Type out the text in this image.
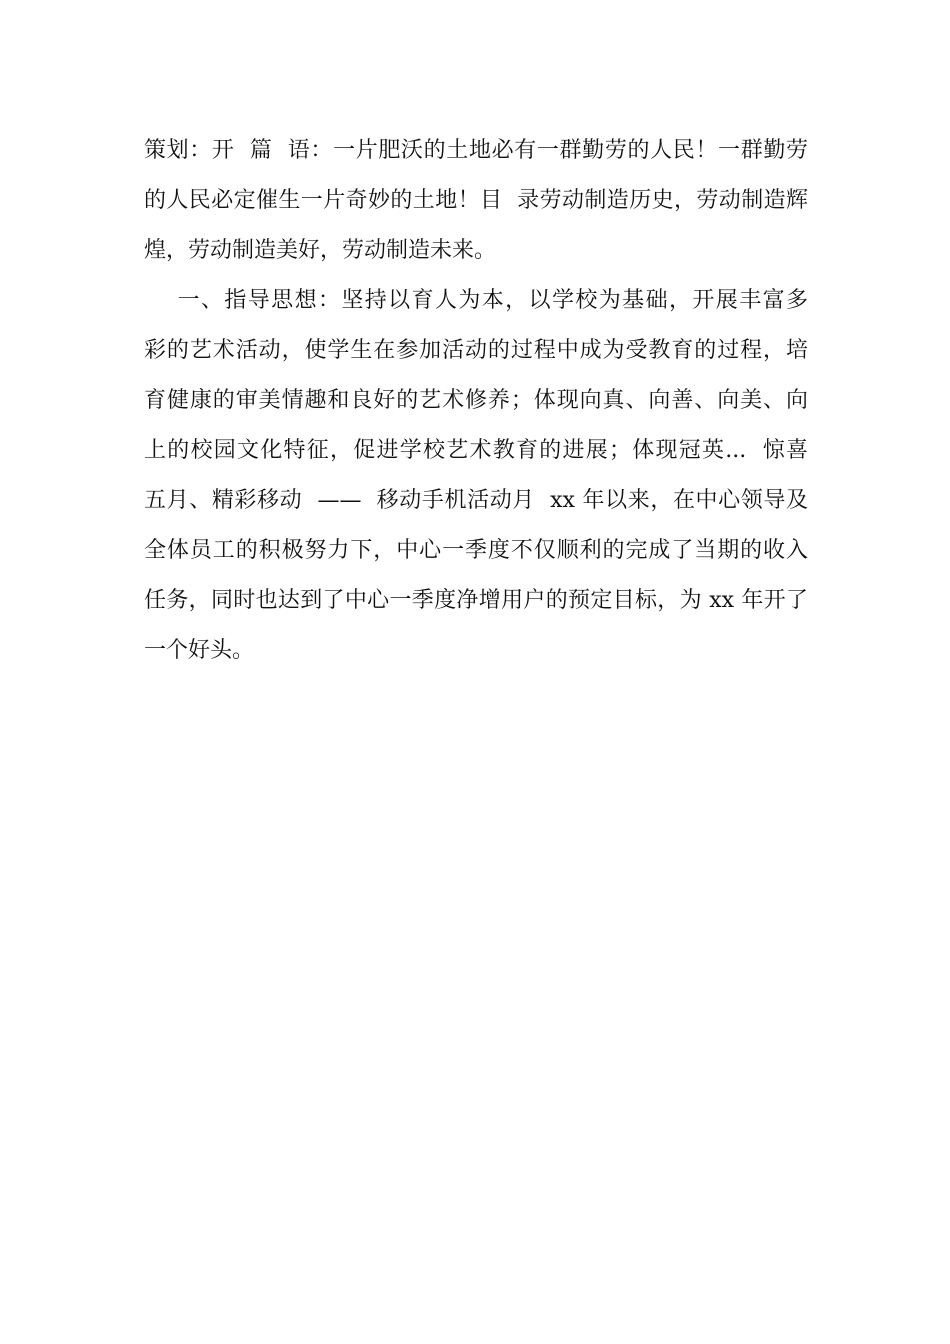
策划：开  篇  语：一片肥沃的土地必有一群勤劳的人民！一群勤劳
的人民必定催生一片奇妙的土地！目  录劳动制造历史，劳动制造辉
煌，劳动制造美好，劳动制造未来。
一、指导思想：坚持以育人为本，以学校为基础，开展丰富多
彩的艺术活动，使学生在参加活动的过程中成为受教育的过程，培
育健康的审美情趣和良好的艺术修养；体现向真、向善、向美、向
上的校园文化特征，促进学校艺术教育的进展；体现冠英...  惊喜
五月、精彩移动  ——  移动手机活动月  xx 年以来，在中心领导及
全体员工的积极努力下，中心一季度不仅顺利的完成了当期的收入
任务，同时也达到了中心一季度净增用户的预定目标，为 xx 年开了
一个好头。
